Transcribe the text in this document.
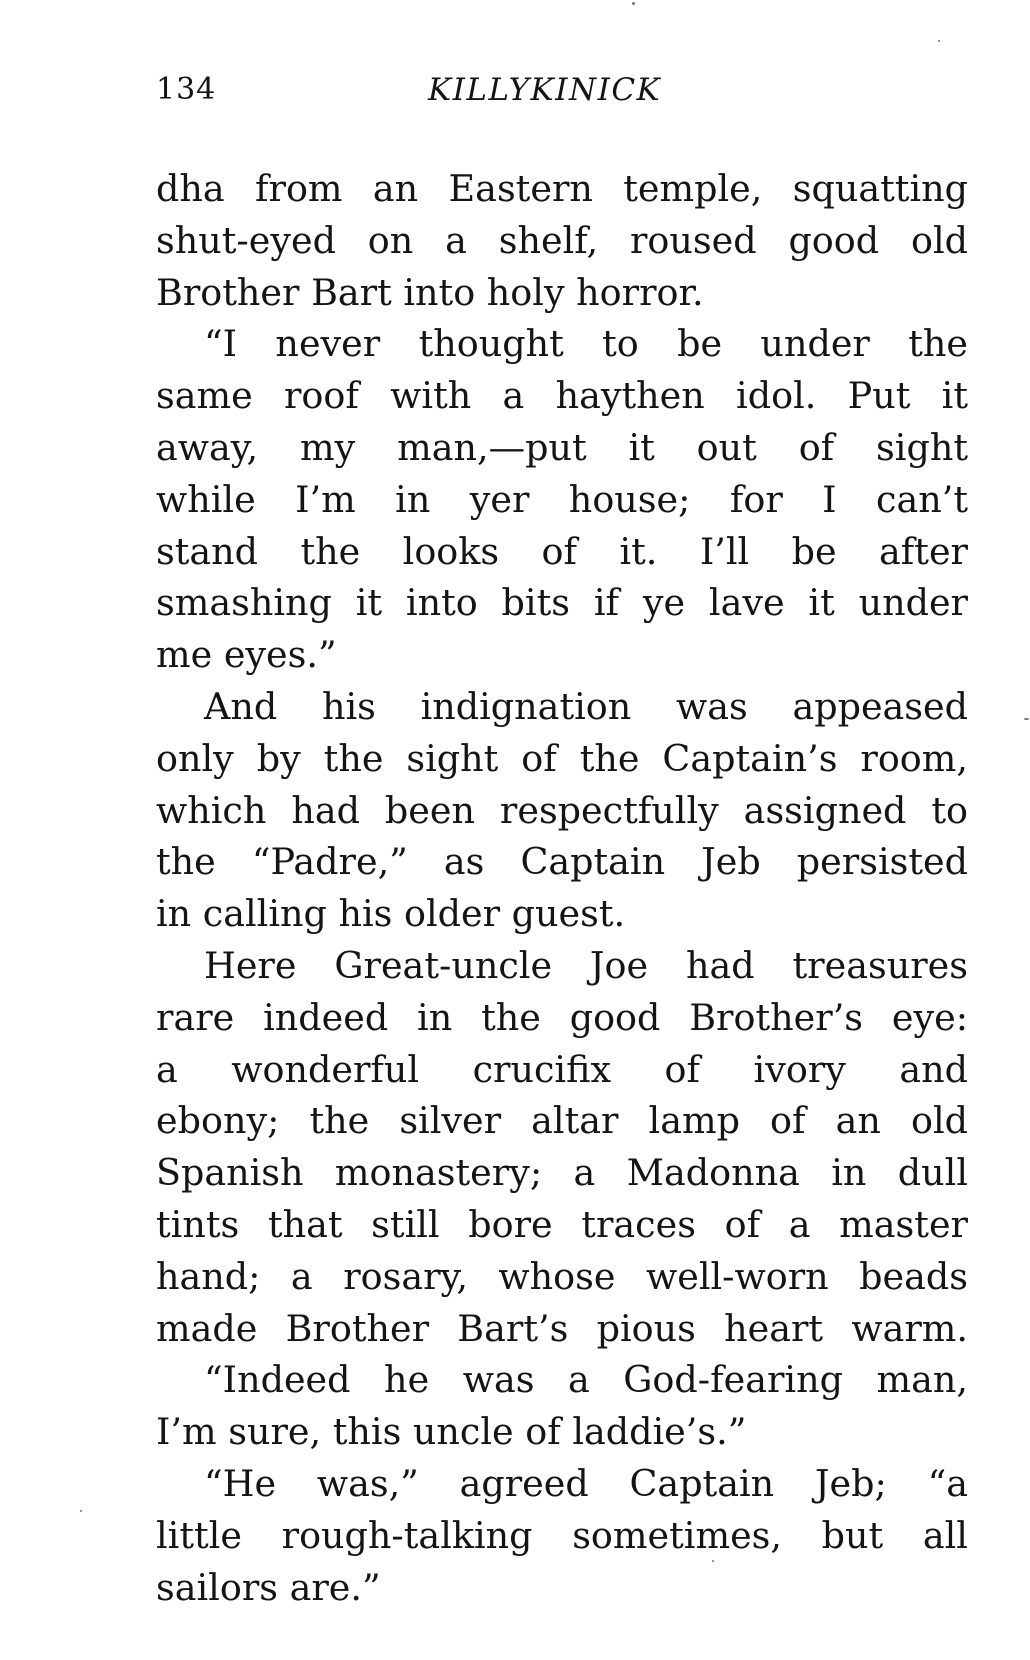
134	KILLYKINICK
dha from an Eastern temple, squatting
shut-eyed on a shelf, roused good old
Brother Bart into holy horror.
“I never thought to be under the
same roof with a haythen idol. Put it
away, my man,—put it out of sight
while I’m in yer house; for I can’t
stand the looks of it. I’ll be after
smashing it into bits if ye lave it under
me eyes.”
And his indignation was appeased
only by the sight of the Captain’s room,
which had been respectfully assigned to
the “Padre,” as Captain Jeb persisted
in calling his older guest.
Here Great-uncle Joe had treasures
rare indeed in the good Brother’s eye:
a wonderful crucifix of ivory and
ebony; the silver altar lamp of an old
Spanish monastery; a Madonna in dull
tints that still bore traces of a master
hand; a rosary, whose well-worn beads
made Brother Bart’s pious heart warm.
“Indeed he was a God-fearing man,
I’m sure, this uncle of laddie’s.”
“He was,” agreed Captain Jeb; “a
little rough-talking sometimes, but all
sailors are.”
